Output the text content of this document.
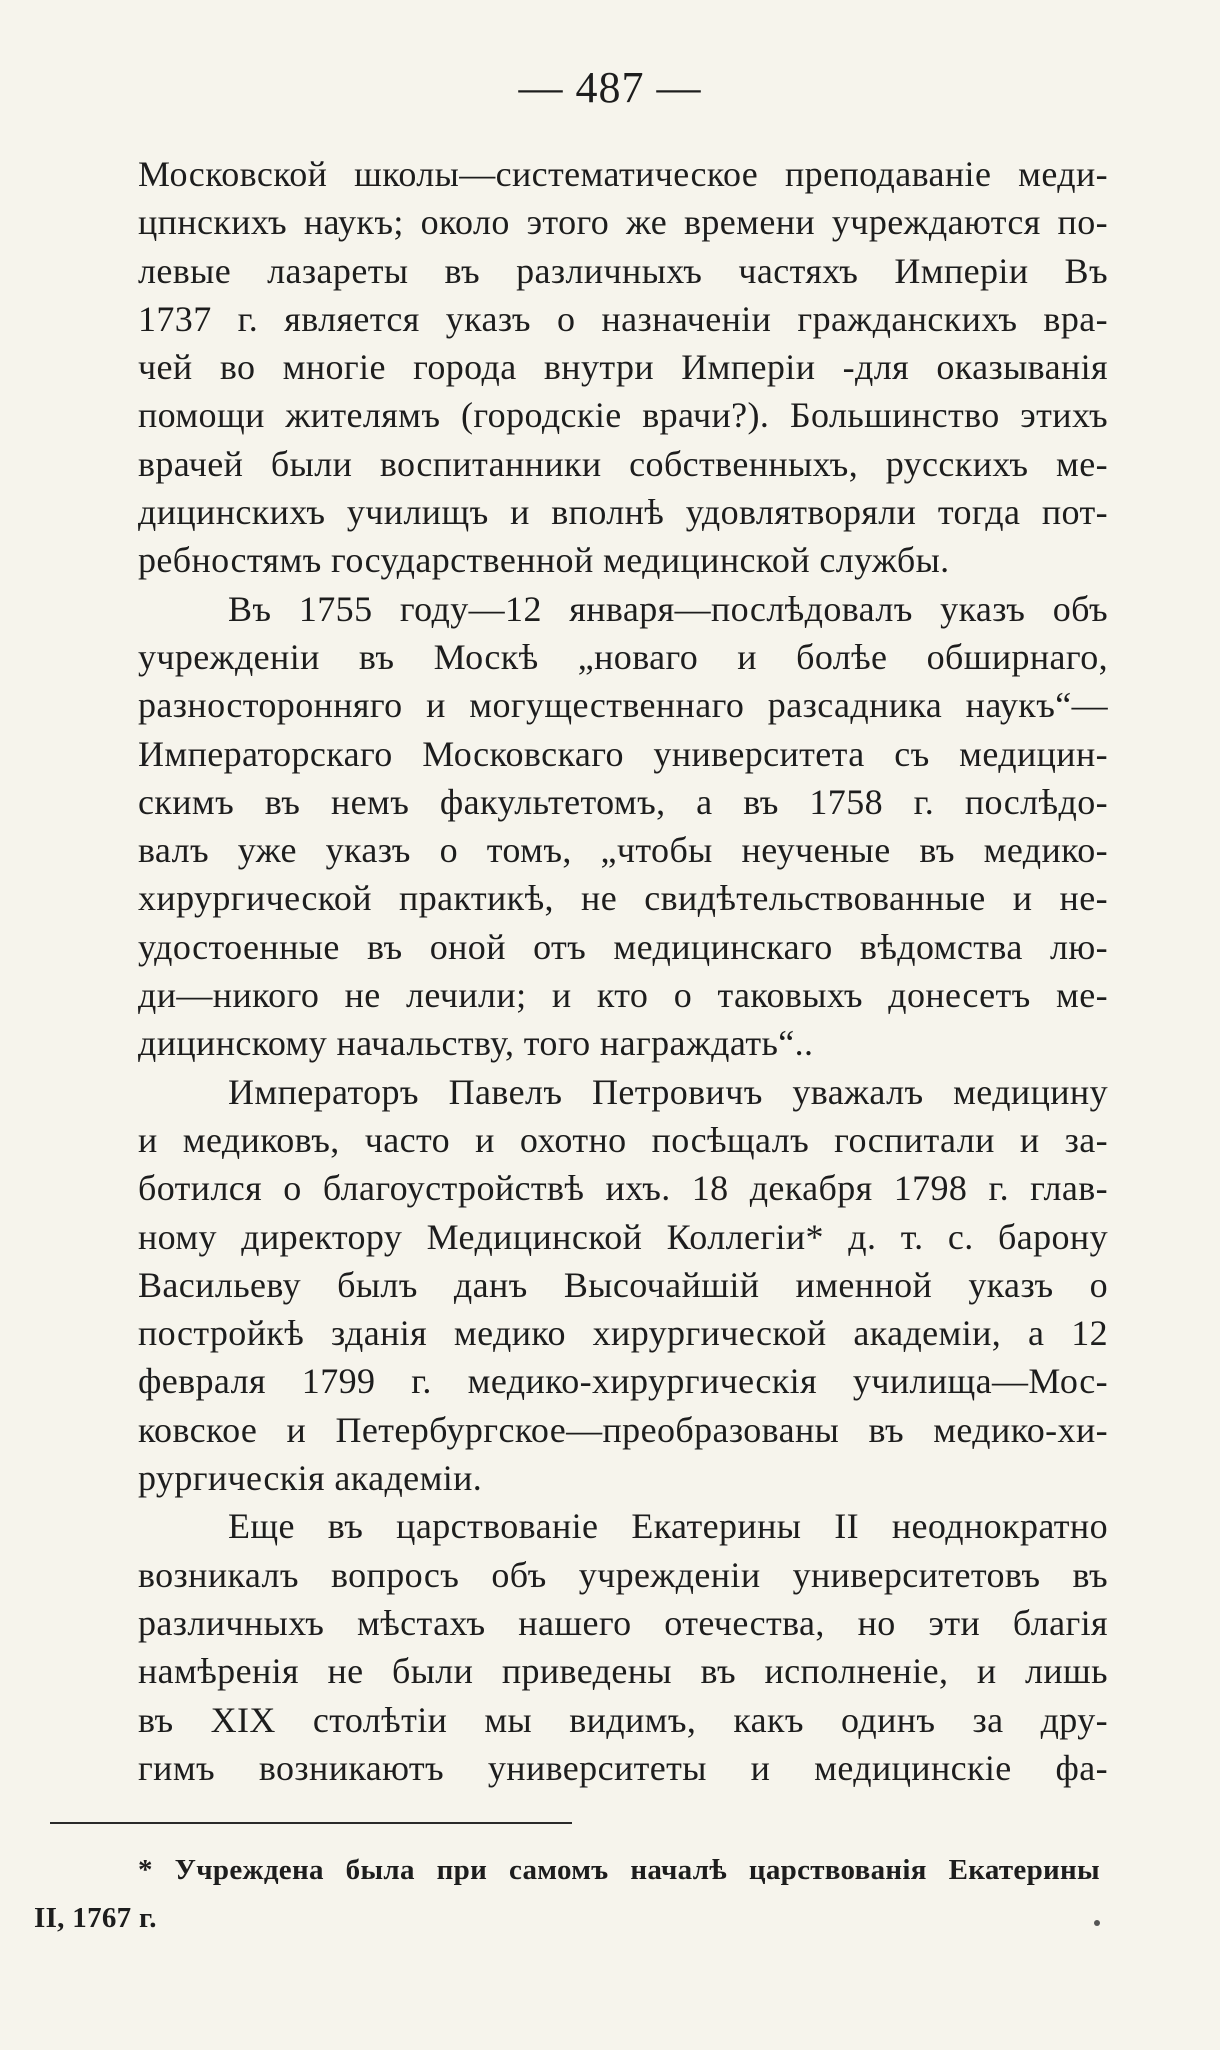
— 487 —
Московской школы—систематическое преподаванiе меди-
цпнскихъ наукъ; около этого же времени учреждаются по-
левые лазареты въ различныхъ частяхъ Имперiи Въ
1737 г. является указъ о назначенiи гражданскихъ вра-
чей во многiе города внутри Имперiи -для оказыванiя
помощи жителямъ (городскiе врачи?). Большинство этихъ
врачей были воспитанники собственныхъ, русскихъ ме-
дицинскихъ училищъ и вполнѣ удовлятворяли тогда пот-
ребностямъ государственной медицинской службы.
Въ 1755 году—12 января—послѣдовалъ указъ объ
учрежденiи въ Москѣ „новаго и болѣе обширнаго,
разносторонняго и могущественнаго разсадника наукъ“—
Императорскаго Московскаго университета съ медицин-
скимъ въ немъ факультетомъ, а въ 1758 г. послѣдо-
валъ уже указъ о томъ, „чтобы неученые въ медико-
хирургической практикѣ, не свидѣтельствованные и не-
удостоенные въ оной отъ медицинскаго вѣдомства лю-
ди—никого не лечили; и кто о таковыхъ донесетъ ме-
дицинскому начальству, того награждать“..
Императоръ Павелъ Петровичъ уважалъ медицину
и медиковъ, часто и охотно посѣщалъ госпитали и за-
ботился о благоустройствѣ ихъ. 18 декабря 1798 г. глав-
ному директору Медицинской Коллегiи* д. т. с. барону
Васильеву былъ данъ Высочайшiй именной указъ о
постройкѣ зданiя медико хирургической академiи, а 12
февраля 1799 г. медико-хирургическiя училища—Мос-
ковское и Петербургское—преобразованы въ медико-хи-
рургическiя академiи.
Еще въ царствованiе Екатерины II неоднократно
возникалъ вопросъ объ учрежденiи университетовъ въ
различныхъ мѣстахъ нашего отечества, но эти благiя
намѣренiя не были приведены въ исполненiе, и лишь
въ XIX столѣтiи мы видимъ, какъ одинъ за дру-
гимъ возникаютъ университеты и медицинскiе фа-
* Учреждена была при самомъ началѣ царствованiя Екатерины
II, 1767 г.
